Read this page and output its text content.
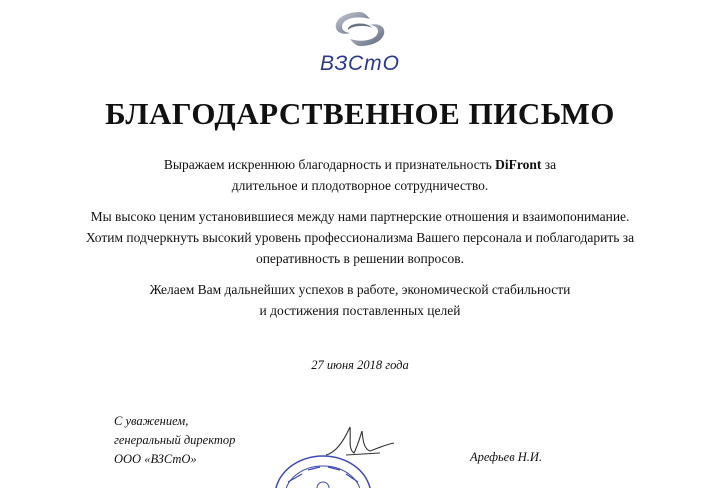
ВЗСтО
БЛАГОДАРСТВЕННОЕ ПИСЬМО
Выражаем искреннюю благодарность и признательность DiFront за
длительное и плодотворное сотрудничество.
Мы высоко ценим установившиеся между нами партнерские отношения и взаимопонимание.
Хотим подчеркнуть высокий уровень профессионализма Вашего персонала и поблагодарить за
оперативность в решении вопросов.
Желаем Вам дальнейших успехов в работе, экономической стабильности
и достижения поставленных целей
27 июня 2018 года
С уважением,
генеральный директор
ООО «ВЗСтО»	Арефьев Н.И.
